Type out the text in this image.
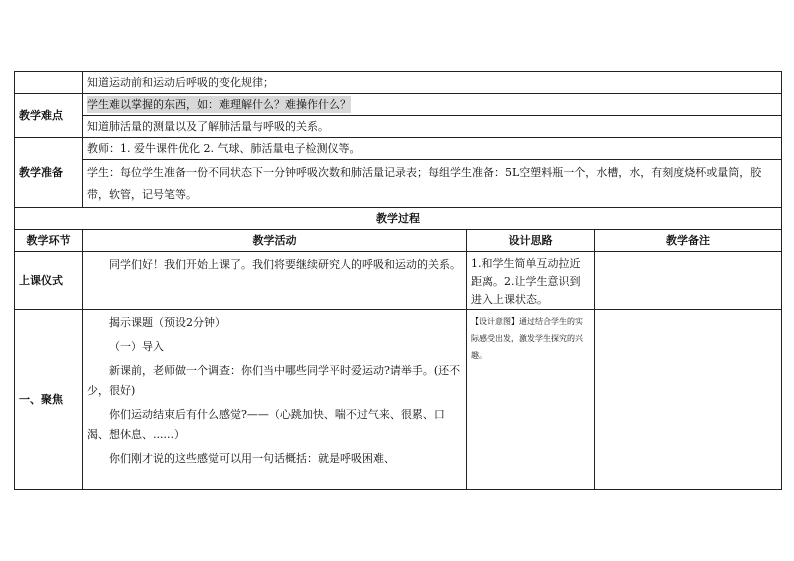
	知道运动前和运动后呼吸的变化规律；		
教学难点	学生难以掌握的东西，如：难理解什么？难操作什么？		
	知道肺活量的测量以及了解肺活量与呼吸的关系。		
教学准备	教师：1. 爱牛课件优化 2. 气球、肺活量电子检测仪等。		
	学生：每位学生准备一份不同状态下一分钟呼吸次数和肺活量记录表；每组学生准备：5L空塑料瓶一个，水槽，水，有刻度烧杯或量筒，胶带，软管，记号笔等。		
教学过程			
教学环节	教学活动	设计思路	教学备注
上课仪式	同学们好！我们开始上课了。我们将要继续研究人的呼吸和运动的关系。	1.和学生简单互动拉近距离。2.让学生意识到进入上课状态。	
一、聚焦	揭示课题（预设2分钟）

（一）导入

新课前，老师做一个调查：你们当中哪些同学平时爱运动?请举手。(还不少，很好)

你们运动结束后有什么感觉?——（心跳加快、喘不过气来、很累、口渴、想休息、......）

你们刚才说的这些感觉可以用一句话概括：就是呼吸困难、	【设计意图】通过结合学生的实际感受出发，激发学生探究的兴趣。	
